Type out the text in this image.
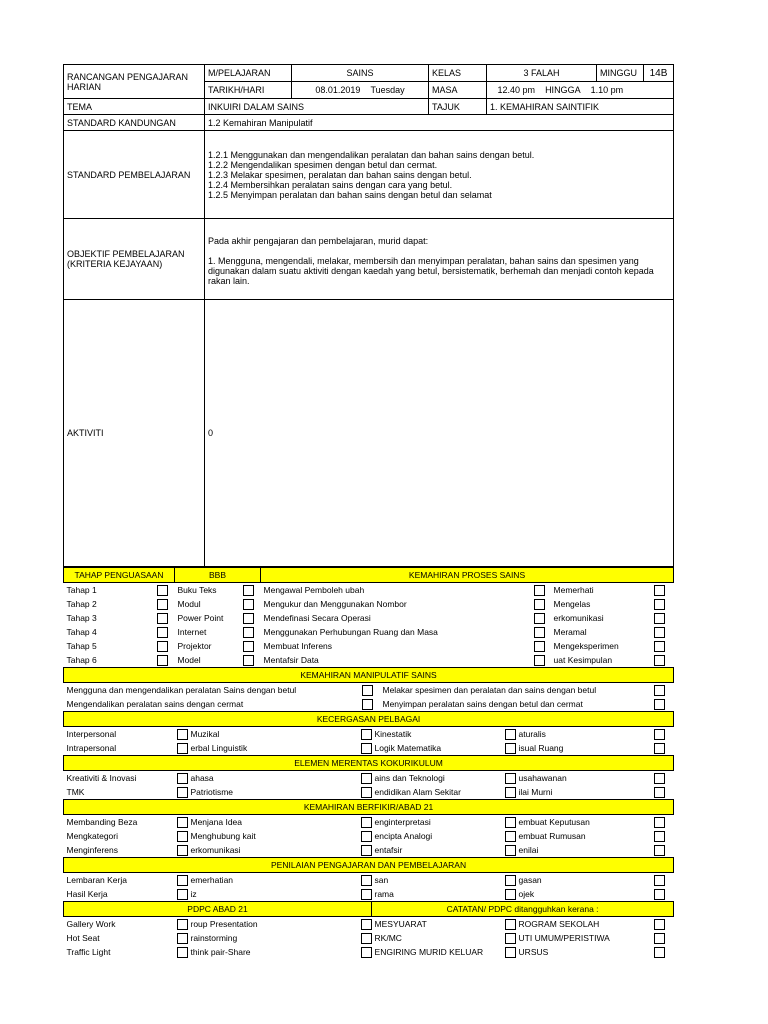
RANCANGAN PENGAJARAN HARIAN	M/PELAJARAN	SAINS	KELAS	3 FALAH	MINGGU	14B
	TARIKH/HARI	08.01.2019 Tuesday	MASA	12.40 pm HINGGA 1.10 pm		
TEMA	INKUIRI DALAM SAINS		TAJUK	1. KEMAHIRAN SAINTIFIK		
STANDARD KANDUNGAN	1.2 Kemahiran Manipulatif					
STANDARD PEMBELAJARAN	1.2.1 Menggunakan dan mengendalikan peralatan dan bahan sains dengan betul.
1.2.2 Mengendalikan spesimen dengan betul dan cermat.
1.2.3 Melakar spesimen, peralatan dan bahan sains dengan betul.
1.2.4 Membersihkan peralatan sains dengan cara yang betul.
1.2.5 Menyimpan peralatan dan bahan sains dengan betul dan selamat					

OBJEKTIF PEMBELAJARAN (KRITERIA KEJAYAAN)	Pada akhir pengajaran dan pembelajaran, murid dapat:
1. Mengguna, mengendali, melakar, membersih dan menyimpan peralatan, bahan sains dan spesimen yang digunakan dalam suatu aktiviti dengan kaedah yang betul, bersistematik, berhemah dan menjadi contoh kepada rakan lain.					

AKTIVITI	0					
TAHAP PENGUASAAN		BBB		KEMAHIRAN PROSES SAINS			
Tahap 1		Buku Teks		Mengawal Pemboleh ubah		Memerhati	
Tahap 2		Modul		Mengukur dan Menggunakan Nombor		Mengelas	
Tahap 3		Power Point		Mendefinasi Secara Operasi		erkomunikasi	
Tahap 4		Internet		Menggunakan Perhubungan Ruang dan Masa		Meramal	
Tahap 5		Projektor		Membuat Inferens		Mengeksperimen	
Tahap 6		Model		Mentafsir Data		uat Kesimpulan	
KEMAHIRAN MANIPULATIF SAINS			
Mengguna dan mengendalikan peralatan Sains dengan betul		Melakar spesimen dan peralatan dan sains dengan betul	
Mengendalikan peralatan sains dengan cermat		Menyimpan peralatan sains dengan betul dan cermat	
KECERGASAN PELBAGAI							
Interpersonal		Muzikal		Kinestatik		aturalis	
Intrapersonal		erbal Linguistik		Logik Matematika		isual Ruang	
ELEMEN MERENTAS KOKURIKULUM							
Kreativiti & Inovasi		ahasa		ains dan Teknologi		usahawanan	
TMK		Patriotisme		endidikan Alam Sekitar		ilai Murni	
KEMAHIRAN BERFIKIR/ABAD 21							
Membanding Beza		Menjana Idea		enginterpretasi		embuat Keputusan	
Mengkategori		Menghubung kait		encipta Analogi		embuat Rumusan	
Menginferens		erkomunikasi		entafsir		enilai	
PENILAIAN PENGAJARAN DAN PEMBELAJARAN							
Lembaran Kerja		emerhatian		san		gasan	
Hasil Kerja		iz		rama		ojek	
PDPC ABAD 21				CATATAN/ PDPC ditangguhkan kerana :			
Gallery Work		roup Presentation		MESYUARAT		ROGRAM SEKOLAH	
Hot Seat		rainstorming		RK/MC		UTI UMUM/PERISTIWA	
Traffic Light		think pair-Share		ENGIRING MURID KELUAR		URSUS	
